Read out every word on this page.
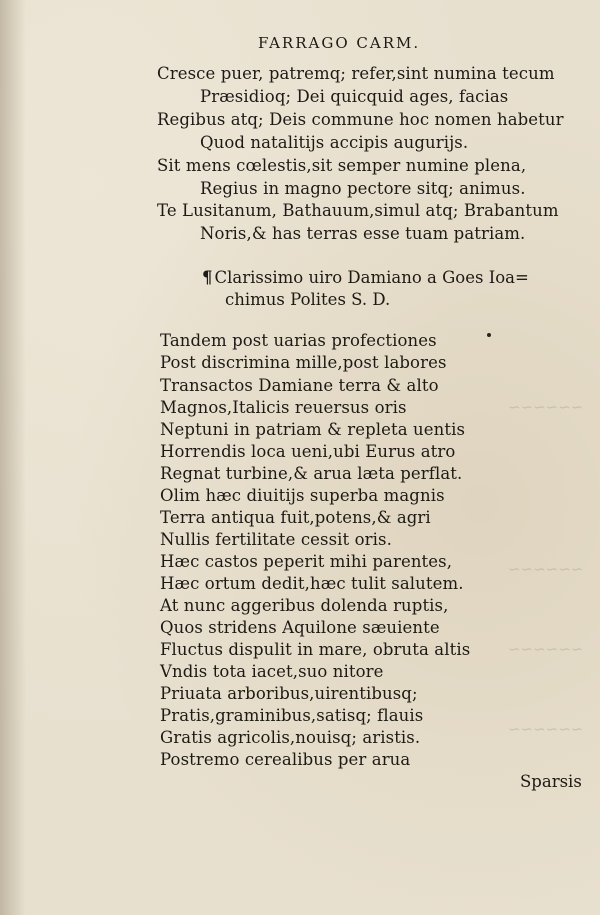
FARRAGO CARM.
Cresce puer, patremq; refer,sint numina tecum
Præsidioq; Dei quicquid ages, facias
Regibus atq; Deis commune hoc nomen habetur
Quod natalitijs accipis augurijs.
Sit mens cœlestis,sit semper numine plena,
Regius in magno pectore sitq; animus.
Te Lusitanum, Bathauum,simul atq; Brabantum
Noris,& has terras esse tuam patriam.
¶ Clarissimo uiro Damiano a Goes Ioa=
chimus Polites S. D.
Tandem post uarias profectiones
Post discrimina mille,post labores
Transactos Damiane terra & alto
Magnos,Italicis reuersus oris
Neptuni in patriam & repleta uentis
Horrendis loca ueni,ubi Eurus atro
Regnat turbine,& arua læta perflat.
Olim hæc diuitijs superba magnis
Terra antiqua fuit,potens,& agri
Nullis fertilitate cessit oris.
Hæc castos peperit mihi parentes,
Hæc ortum dedit,hæc tulit salutem.
At nunc aggeribus dolenda ruptis,
Quos stridens Aquilone sæuiente
Fluctus dispulit in mare, obruta altis
Vndis tota iacet,suo nitore
Priuata arboribus,uirentibusq;
Pratis,graminibus,satisq; flauis
Gratis agricolis,nouisq; aristis.
Postremo cerealibus per arua
Sparsis
~~~~~~
~~~~~~
~~~~~~
~~~~~~
